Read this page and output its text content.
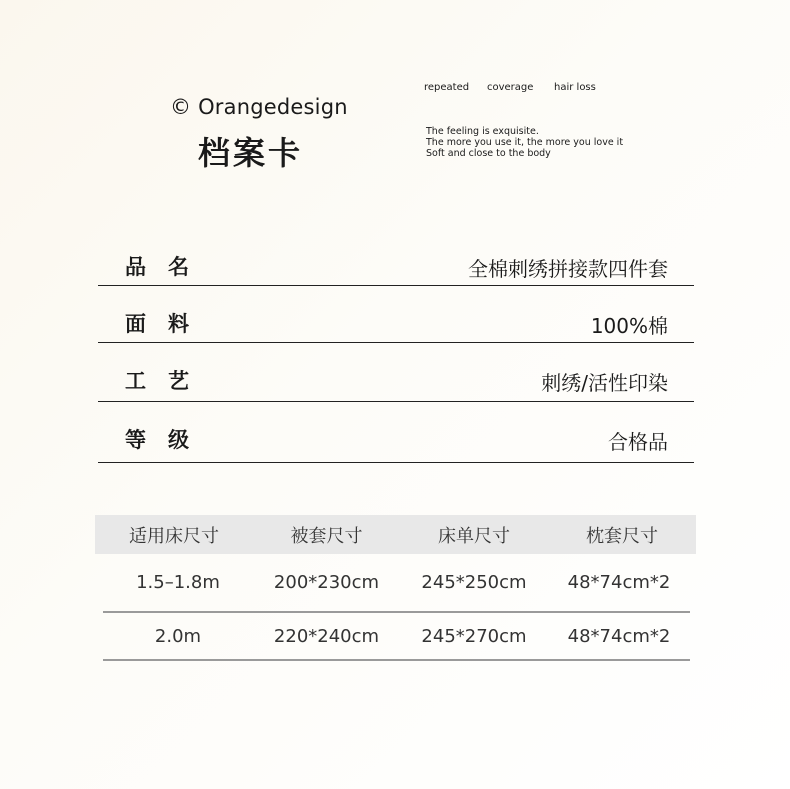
© Orangedesign
档案卡
repeated coverage hair loss
The feeling is exquisite.
The more you use it, the more you love it
Soft and close to the body
品名	全棉刺绣拼接款四件套
面料	100%棉
工艺	刺绣/活性印染
等级	合格品
适用床尺寸	被套尺寸	床单尺寸	枕套尺寸
1.5–1.8m	200*230cm	245*250cm	48*74cm*2
2.0m	220*240cm	245*270cm	48*74cm*2
